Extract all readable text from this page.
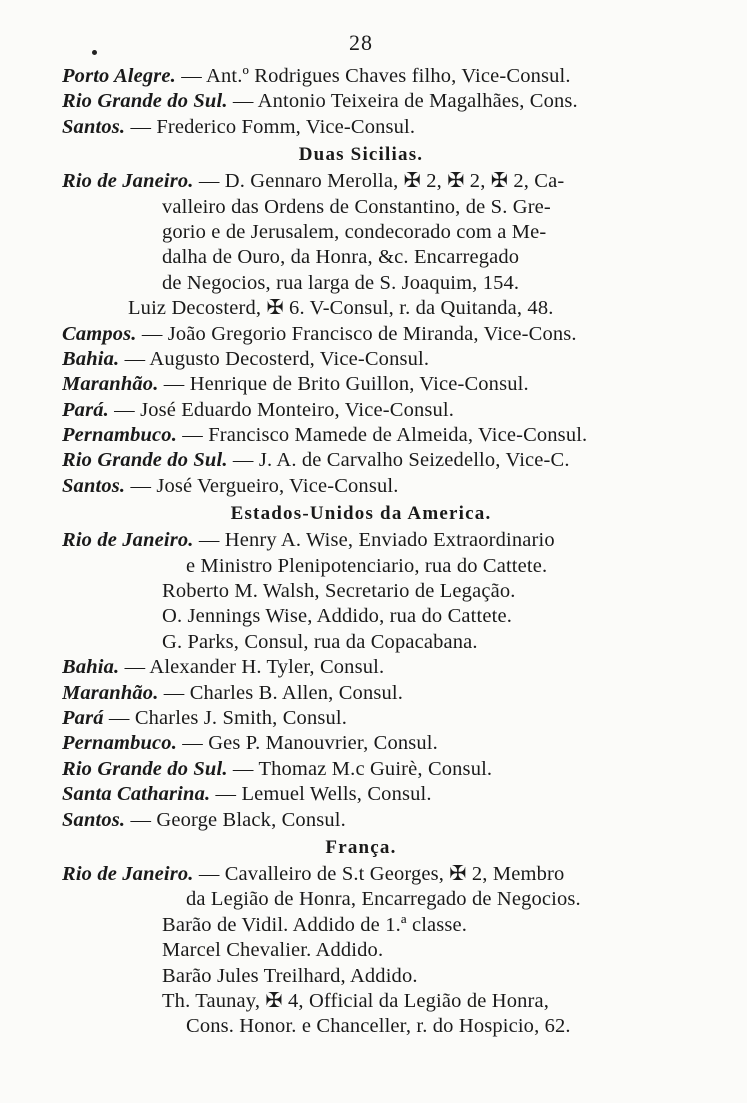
28
Porto Alegre. — Ant.º Rodrigues Chaves filho, Vice-Consul.
Rio Grande do Sul. — Antonio Teixeira de Magalhães, Cons.
Santos. — Frederico Fomm, Vice-Consul.
Duas Sicilias.
Rio de Janeiro. — D. Gennaro Merolla, ✠ 2, ✠ 2, ✠ 2, Ca-
valleiro das Ordens de Constantino, de S. Gre-
gorio e de Jerusalem, condecorado com a Me-
dalha de Ouro, da Honra, &c. Encarregado
de Negocios, rua larga de S. Joaquim, 154.
Luiz Decosterd, ✠ 6. V-Consul, r. da Quitanda, 48.
Campos. — João Gregorio Francisco de Miranda, Vice-Cons.
Bahia. — Augusto Decosterd, Vice-Consul.
Maranhão. — Henrique de Brito Guillon, Vice-Consul.
Pará. — José Eduardo Monteiro, Vice-Consul.
Pernambuco. — Francisco Mamede de Almeida, Vice-Consul.
Rio Grande do Sul. — J. A. de Carvalho Seizedello, Vice-C.
Santos. — José Vergueiro, Vice-Consul.
Estados-Unidos da America.
Rio de Janeiro. — Henry A. Wise, Enviado Extraordinario
e Ministro Plenipotenciario, rua do Cattete.
Roberto M. Walsh, Secretario de Legação.
O. Jennings Wise, Addido, rua do Cattete.
G. Parks, Consul, rua da Copacabana.
Bahia. — Alexander H. Tyler, Consul.
Maranhão. — Charles B. Allen, Consul.
Pará — Charles J. Smith, Consul.
Pernambuco. — Ges P. Manouvrier, Consul.
Rio Grande do Sul. — Thomaz M.c Guirè, Consul.
Santa Catharina. — Lemuel Wells, Consul.
Santos. — George Black, Consul.
França.
Rio de Janeiro. — Cavalleiro de S.t Georges, ✠ 2, Membro
da Legião de Honra, Encarregado de Negocios.
Barão de Vidil. Addido de 1.ª classe.
Marcel Chevalier. Addido.
Barão Jules Treilhard, Addido.
Th. Taunay, ✠ 4, Official da Legião de Honra,
Cons. Honor. e Chanceller, r. do Hospicio, 62.
